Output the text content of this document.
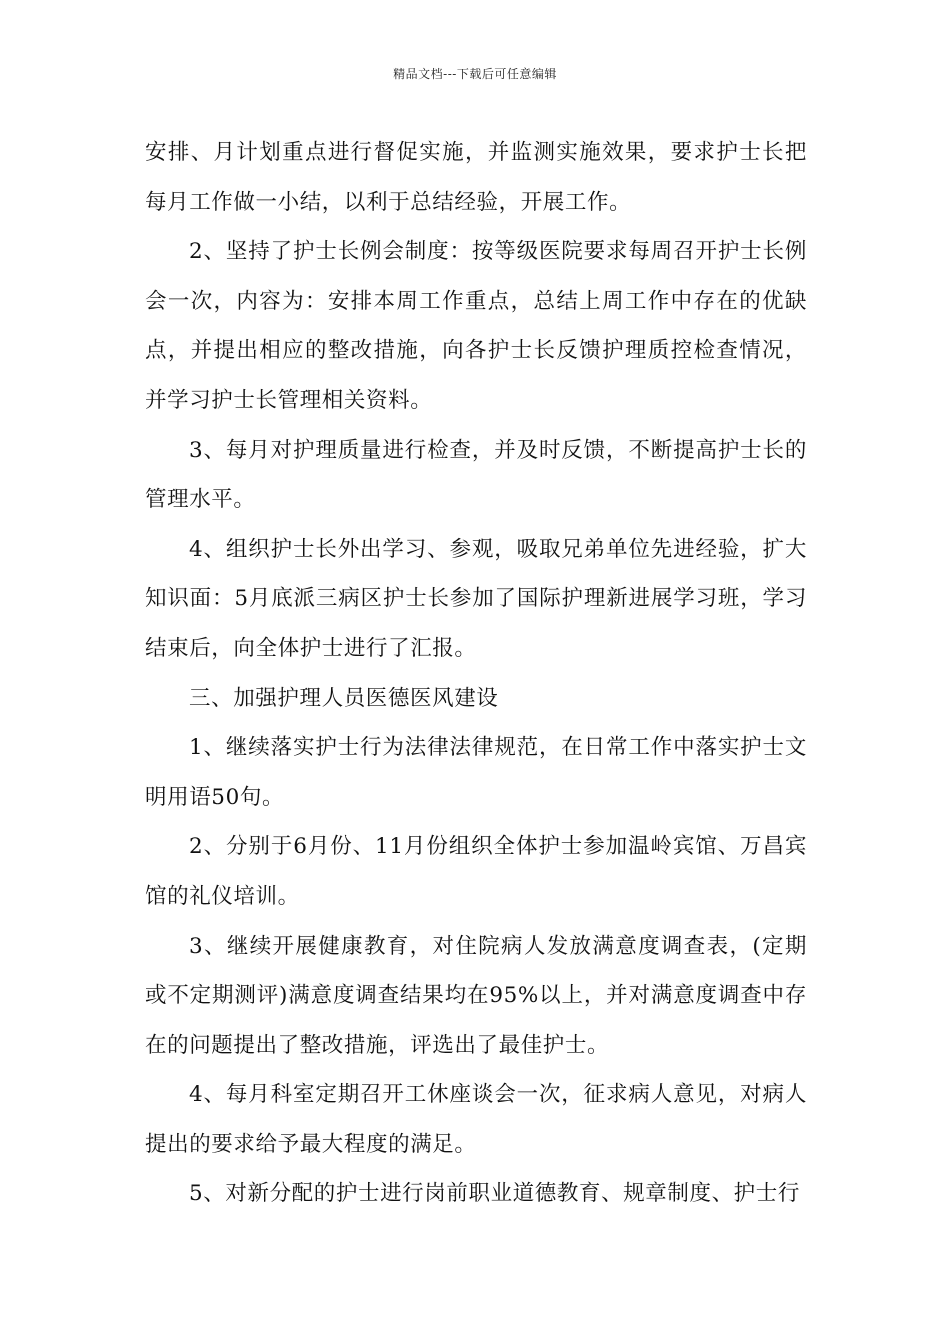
精品文档---下载后可任意编辑

安排、月计划重点进行督促实施，并监测实施效果，要求护士长把每月工作做一小结，以利于总结经验，开展工作。

2、坚持了护士长例会制度：按等级医院要求每周召开护士长例会一次，内容为：安排本周工作重点，总结上周工作中存在的优缺点，并提出相应的整改措施，向各护士长反馈护理质控检查情况，并学习护士长管理相关资料。

3、每月对护理质量进行检查，并及时反馈，不断提高护士长的管理水平。

4、组织护士长外出学习、参观，吸取兄弟单位先进经验，扩大知识面：5月底派三病区护士长参加了国际护理新进展学习班，学习结束后，向全体护士进行了汇报。

三、加强护理人员医德医风建设

1、继续落实护士行为法律法律规范，在日常工作中落实护士文明用语50句。

2、分别于6月份、11月份组织全体护士参加温岭宾馆、万昌宾馆的礼仪培训。

3、继续开展健康教育，对住院病人发放满意度调查表，(定期或不定期测评)满意度调查结果均在95%以上，并对满意度调查中存在的问题提出了整改措施，评选出了最佳护士。

4、每月科室定期召开工休座谈会一次，征求病人意见，对病人提出的要求给予最大程度的满足。

5、对新分配的护士进行岗前职业道德教育、规章制度、护士行
